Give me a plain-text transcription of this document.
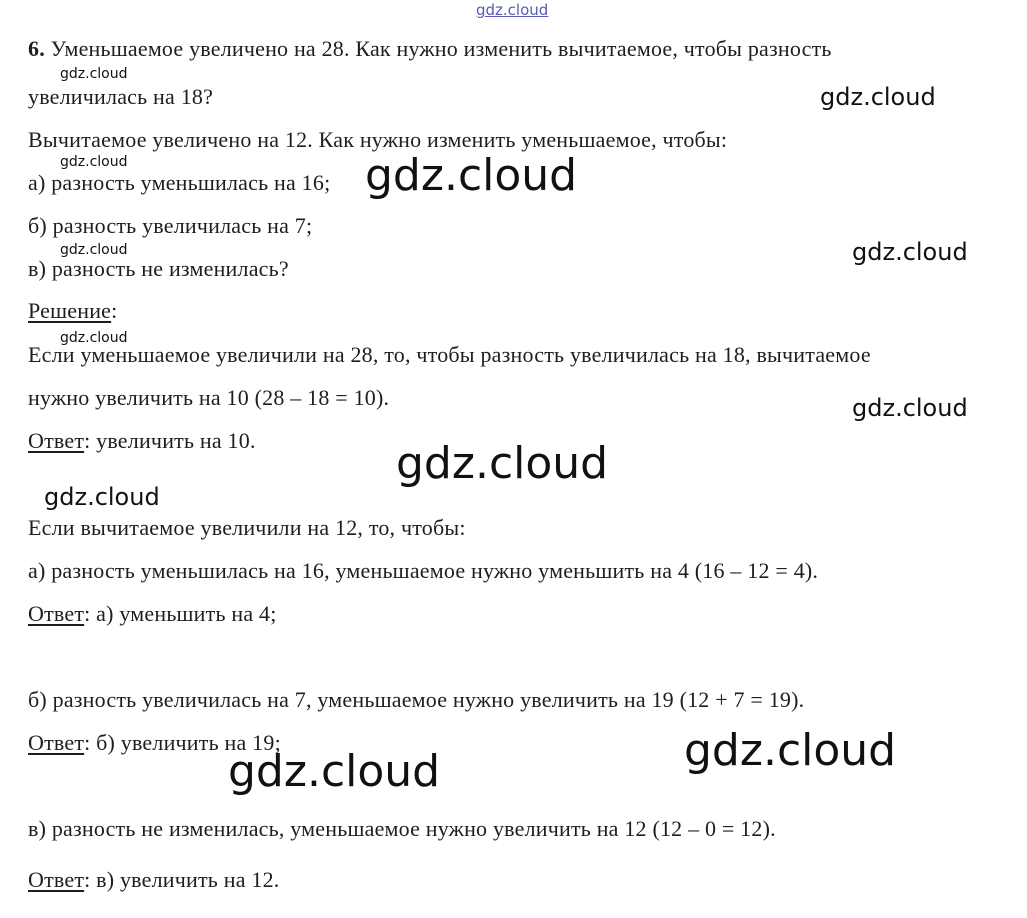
6. Уменьшаемое увеличено на 28. Как нужно изменить вычитаемое, чтобы разность
увеличилась на 18?
Вычитаемое увеличено на 12. Как нужно изменить уменьшаемое, чтобы:
а) разность уменьшилась на 16;
б) разность увеличилась на 7;
в) разность не изменилась?
Решение:
Если уменьшаемое увеличили на 28, то, чтобы разность увеличилась на 18, вычитаемое
нужно увеличить на 10 (28 – 18 = 10).
Ответ: увеличить на 10.
Если вычитаемое увеличили на 12, то, чтобы:
а) разность уменьшилась на 16, уменьшаемое нужно уменьшить на 4 (16 – 12 = 4).
Ответ: а) уменьшить на 4;
б) разность увеличилась на 7, уменьшаемое нужно увеличить на 19 (12 + 7 = 19).
Ответ: б) увеличить на 19;
в) разность не изменилась, уменьшаемое нужно увеличить на 12 (12 – 0 = 12).
Ответ: в) увеличить на 12.
gdz.cloud
gdz.cloud
gdz.cloud
gdz.cloud	gdz.cloud
gdz.cloud	gdz.cloud
gdz.cloud
gdz.cloud
gdz.cloud
gdz.cloud
gdz.cloud
gdz.cloud
